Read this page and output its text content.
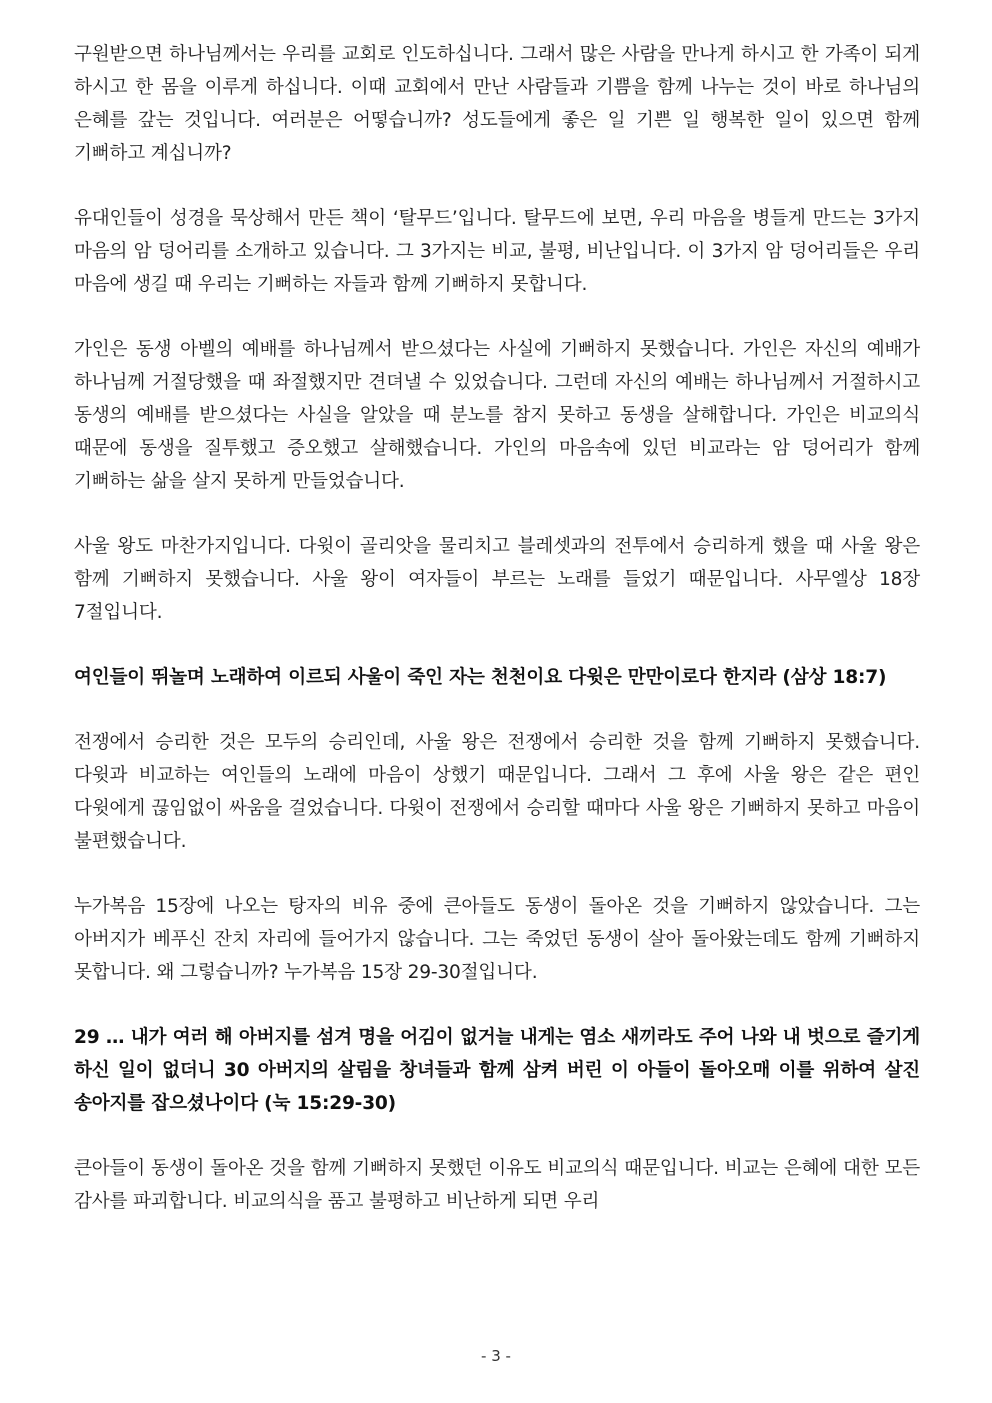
구원받으면 하나님께서는 우리를 교회로 인도하십니다. 그래서 많은 사람을 만나게 하시고 한 가족이 되게 하시고 한 몸을 이루게 하십니다. 이때 교회에서 만난 사람들과 기쁨을 함께 나누는 것이 바로 하나님의 은혜를 갚는 것입니다. 여러분은 어떻습니까? 성도들에게 좋은 일 기쁜 일 행복한 일이 있으면 함께 기뻐하고 계십니까?

유대인들이 성경을 묵상해서 만든 책이 ‘탈무드’입니다. 탈무드에 보면, 우리 마음을 병들게 만드는 3가지 마음의 암 덩어리를 소개하고 있습니다. 그 3가지는 비교, 불평, 비난입니다. 이 3가지 암 덩어리들은 우리 마음에 생길 때 우리는 기뻐하는 자들과 함께 기뻐하지 못합니다.

가인은 동생 아벨의 예배를 하나님께서 받으셨다는 사실에 기뻐하지 못했습니다. 가인은 자신의 예배가 하나님께 거절당했을 때 좌절했지만 견뎌낼 수 있었습니다. 그런데 자신의 예배는 하나님께서 거절하시고 동생의 예배를 받으셨다는 사실을 알았을 때 분노를 참지 못하고 동생을 살해합니다. 가인은 비교의식 때문에 동생을 질투했고 증오했고 살해했습니다. 가인의 마음속에 있던 비교라는 암 덩어리가 함께 기뻐하는 삶을 살지 못하게 만들었습니다.

사울 왕도 마찬가지입니다. 다윗이 골리앗을 물리치고 블레셋과의 전투에서 승리하게 했을 때 사울 왕은 함께 기뻐하지 못했습니다. 사울 왕이 여자들이 부르는 노래를 들었기 때문입니다. 사무엘상 18장 7절입니다.

여인들이 뛰놀며 노래하여 이르되 사울이 죽인 자는 천천이요 다윗은 만만이로다 한지라 (삼상 18:7)

전쟁에서 승리한 것은 모두의 승리인데, 사울 왕은 전쟁에서 승리한 것을 함께 기뻐하지 못했습니다. 다윗과 비교하는 여인들의 노래에 마음이 상했기 때문입니다. 그래서 그 후에 사울 왕은 같은 편인 다윗에게 끊임없이 싸움을 걸었습니다. 다윗이 전쟁에서 승리할 때마다 사울 왕은 기뻐하지 못하고 마음이 불편했습니다.

누가복음 15장에 나오는 탕자의 비유 중에 큰아들도 동생이 돌아온 것을 기뻐하지 않았습니다. 그는 아버지가 베푸신 잔치 자리에 들어가지 않습니다. 그는 죽었던 동생이 살아 돌아왔는데도 함께 기뻐하지 못합니다. 왜 그렇습니까? 누가복음 15장 29-30절입니다.

29 … 내가 여러 해 아버지를 섬겨 명을 어김이 없거늘 내게는 염소 새끼라도 주어 나와 내 벗으로 즐기게 하신 일이 없더니 30 아버지의 살림을 창녀들과 함께 삼켜 버린 이 아들이 돌아오매 이를 위하여 살진 송아지를 잡으셨나이다 (눅 15:29-30)

큰아들이 동생이 돌아온 것을 함께 기뻐하지 못했던 이유도 비교의식 때문입니다. 비교는 은혜에 대한 모든 감사를 파괴합니다. 비교의식을 품고 불평하고 비난하게 되면 우리

- 3 -
